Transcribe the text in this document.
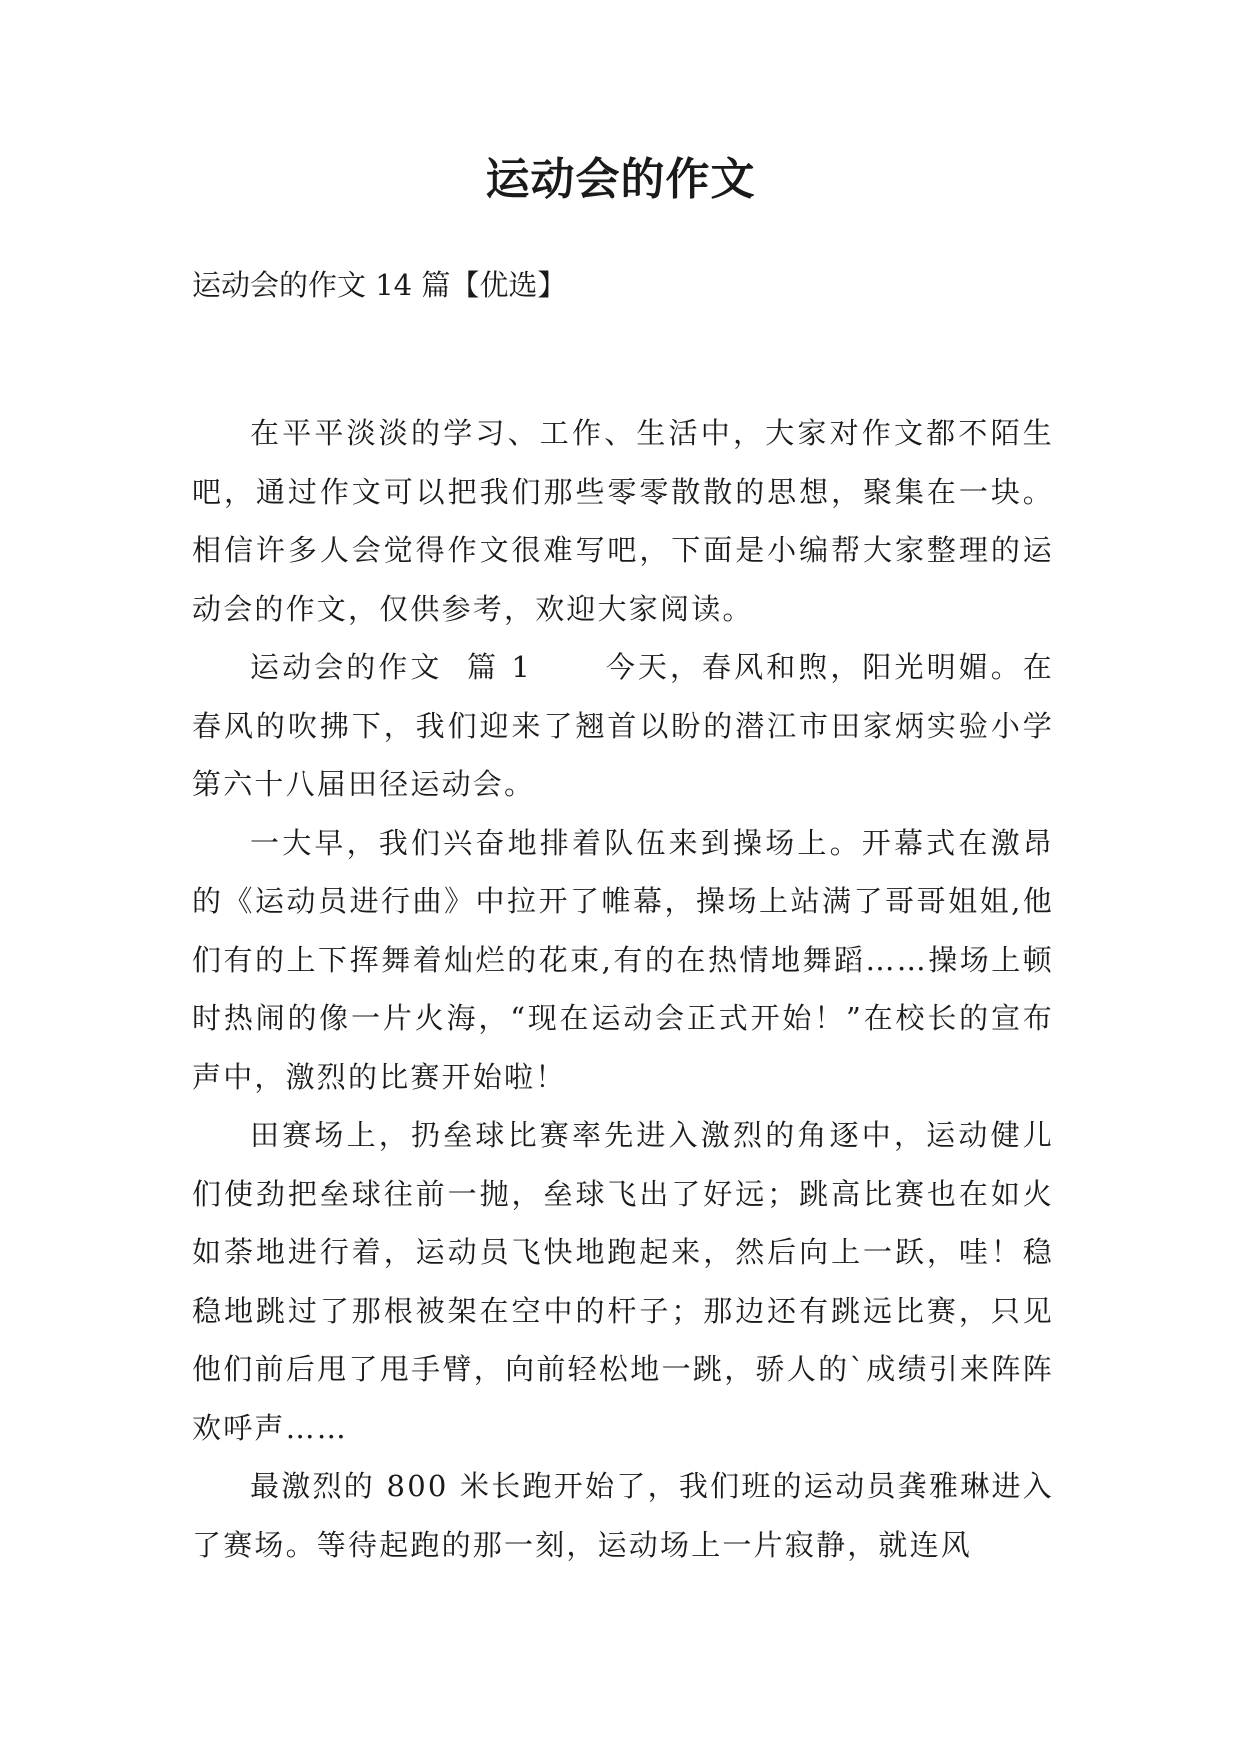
运动会的作文

运动会的作文 14 篇【优选】

在平平淡淡的学习、工作、生活中，大家对作文都不陌生吧，通过作文可以把我们那些零零散散的思想，聚集在一块。相信许多人会觉得作文很难写吧，下面是小编帮大家整理的运动会的作文，仅供参考，欢迎大家阅读。

运动会的作文  篇 1      今天，春风和煦，阳光明媚。在春风的吹拂下，我们迎来了翘首以盼的潜江市田家炳实验小学第六十八届田径运动会。

一大早，我们兴奋地排着队伍来到操场上。开幕式在激昂的《运动员进行曲》中拉开了帷幕，操场上站满了哥哥姐姐,他们有的上下挥舞着灿烂的花束,有的在热情地舞蹈……操场上顿时热闹的像一片火海，“现在运动会正式开始！”在校长的宣布声中，激烈的比赛开始啦！

田赛场上，扔垒球比赛率先进入激烈的角逐中，运动健儿们使劲把垒球往前一抛，垒球飞出了好远；跳高比赛也在如火如荼地进行着，运动员飞快地跑起来，然后向上一跃，哇！稳稳地跳过了那根被架在空中的杆子；那边还有跳远比赛，只见他们前后甩了甩手臂，向前轻松地一跳，骄人的`成绩引来阵阵欢呼声……

最激烈的 800 米长跑开始了，我们班的运动员龚雅琳进入了赛场。等待起跑的那一刻，运动场上一片寂静，就连风
